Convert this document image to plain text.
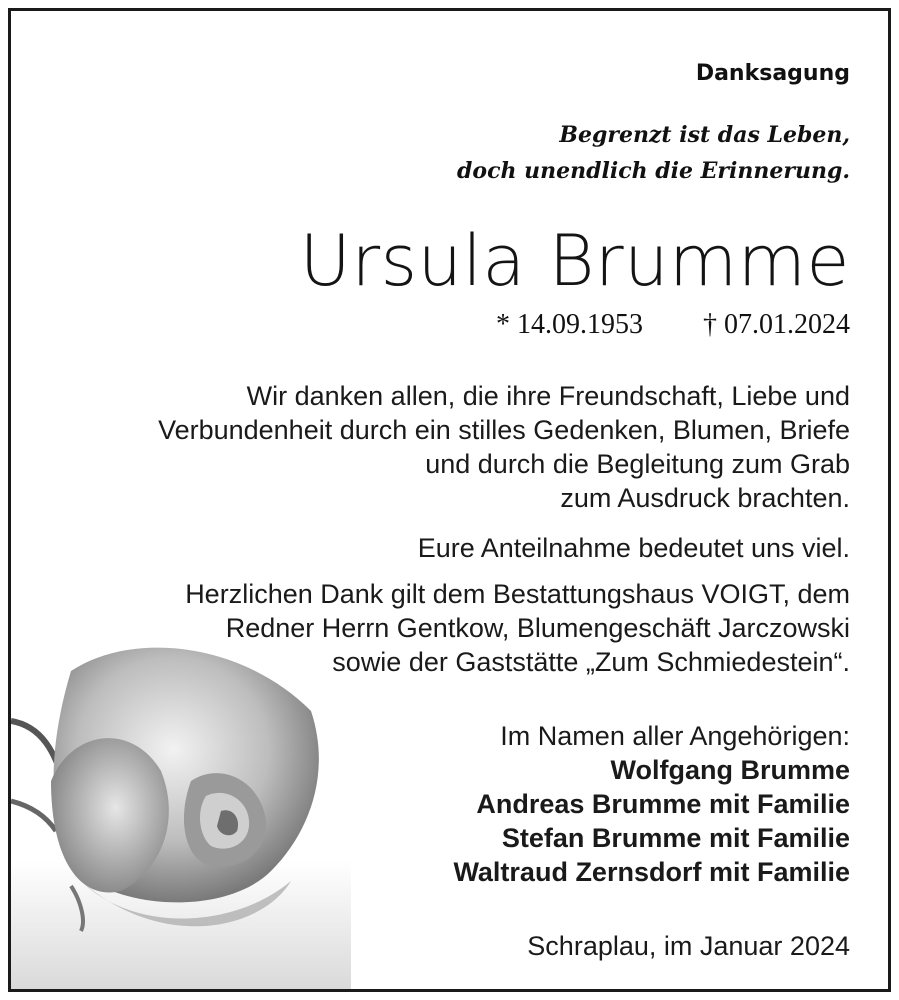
Danksagung
Begrenzt ist das Leben,
doch unendlich die Erinnerung.
Ursula Brumme
* 14.09.1953 † 07.01.2024
Wir danken allen, die ihre Freundschaft, Liebe und
Verbundenheit durch ein stilles Gedenken, Blumen, Briefe
und durch die Begleitung zum Grab
zum Ausdruck brachten.
Eure Anteilnahme bedeutet uns viel.
Herzlichen Dank gilt dem Bestattungshaus VOIGT, dem
Redner Herrn Gentkow, Blumengeschäft Jarczowski
sowie der Gaststätte „Zum Schmiedestein“.
Im Namen aller Angehörigen:
Wolfgang Brumme
Andreas Brumme mit Familie
Stefan Brumme mit Familie
Waltraud Zernsdorf mit Familie
Schraplau, im Januar 2024
